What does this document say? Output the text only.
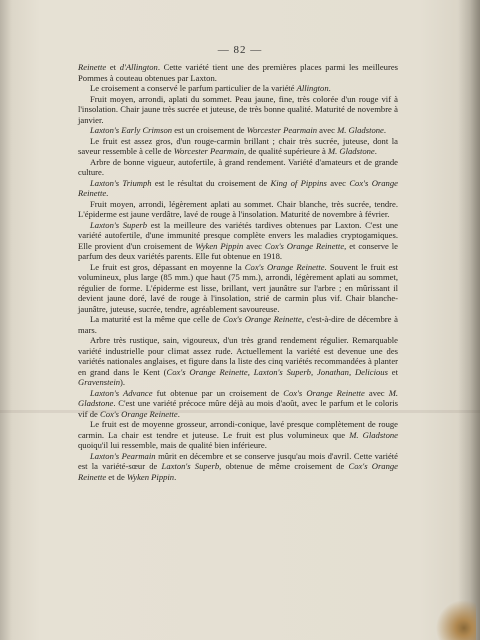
— 82 —

Reinette et d'Allington. Cette variété tient une des premières places parmi les meilleures Pommes à couteau obtenues par Laxton.

Le croisement a conservé le parfum particulier de la variété Allington.

Fruit moyen, arrondi, aplati du sommet. Peau jaune, fine, très colorée d'un rouge vif à l'insolation. Chair jaune très sucrée et juteuse, de très bonne qualité. Maturité de novembre à janvier.

Laxton's Early Crimson est un croisement de Worcester Pearmain avec M. Gladstone.

Le fruit est assez gros, d'un rouge-carmin brillant ; chair très sucrée, juteuse, dont la saveur ressemble à celle de Worcester Pearmain, de qualité supérieure à M. Gladstone.

Arbre de bonne vigueur, autofertile, à grand rendement. Variété d'amateurs et de grande culture.

Laxton's Triumph est le résultat du croisement de King of Pippins avec Cox's Orange Reinette.

Fruit moyen, arrondi, légèrement aplati au sommet. Chair blanche, très sucrée, tendre. L'épiderme est jaune verdâtre, lavé de rouge à l'insolation. Maturité de novembre à février.

Laxton's Superb est la meilleure des variétés tardives obtenues par Laxton. C'est une variété autofertile, d'une immunité presque complète envers les maladies cryptogamiques. Elle provient d'un croisement de Wyken Pippin avec Cox's Orange Reinette, et conserve le parfum des deux variétés parents. Elle fut obtenue en 1918.

Le fruit est gros, dépassant en moyenne la Cox's Orange Reinette. Souvent le fruit est volumineux, plus large (85 mm.) que haut (75 mm.), arrondi, légèrement aplati au sommet, régulier de forme. L'épiderme est lisse, brillant, vert jaunâtre sur l'arbre ; en mûrissant il devient jaune doré, lavé de rouge à l'insolation, strié de carmin plus vif. Chair blanche-jaunâtre, juteuse, sucrée, tendre, agréablement savoureuse.

La maturité est la même que celle de Cox's Orange Reinette, c'est-à-dire de décembre à mars.

Arbre très rustique, sain, vigoureux, d'un très grand rendement régulier. Remarquable variété industrielle pour climat assez rude. Actuellement la variété est devenue une des variétés nationales anglaises, et figure dans la liste des cinq variétés recommandées à planter en grand dans le Kent (Cox's Orange Reinette, Laxton's Superb, Jonathan, Delicious et Gravenstein).

Laxton's Advance fut obtenue par un croisement de Cox's Orange Reinette avec M. Gladstone. C'est une variété précoce mûre déjà au mois d'août, avec le parfum et le coloris vif de Cox's Orange Reinette.

Le fruit est de moyenne grosseur, arrondi-conique, lavé presque complètement de rouge carmin. La chair est tendre et juteuse. Le fruit est plus volumineux que M. Gladstone quoiqu'il lui ressemble, mais de qualité bien inférieure.

Laxton's Pearmain mûrit en décembre et se conserve jusqu'au mois d'avril. Cette variété est la variété-sœur de Laxton's Superb, obtenue de même croisement de Cox's Orange Reinette et de Wyken Pippin.
